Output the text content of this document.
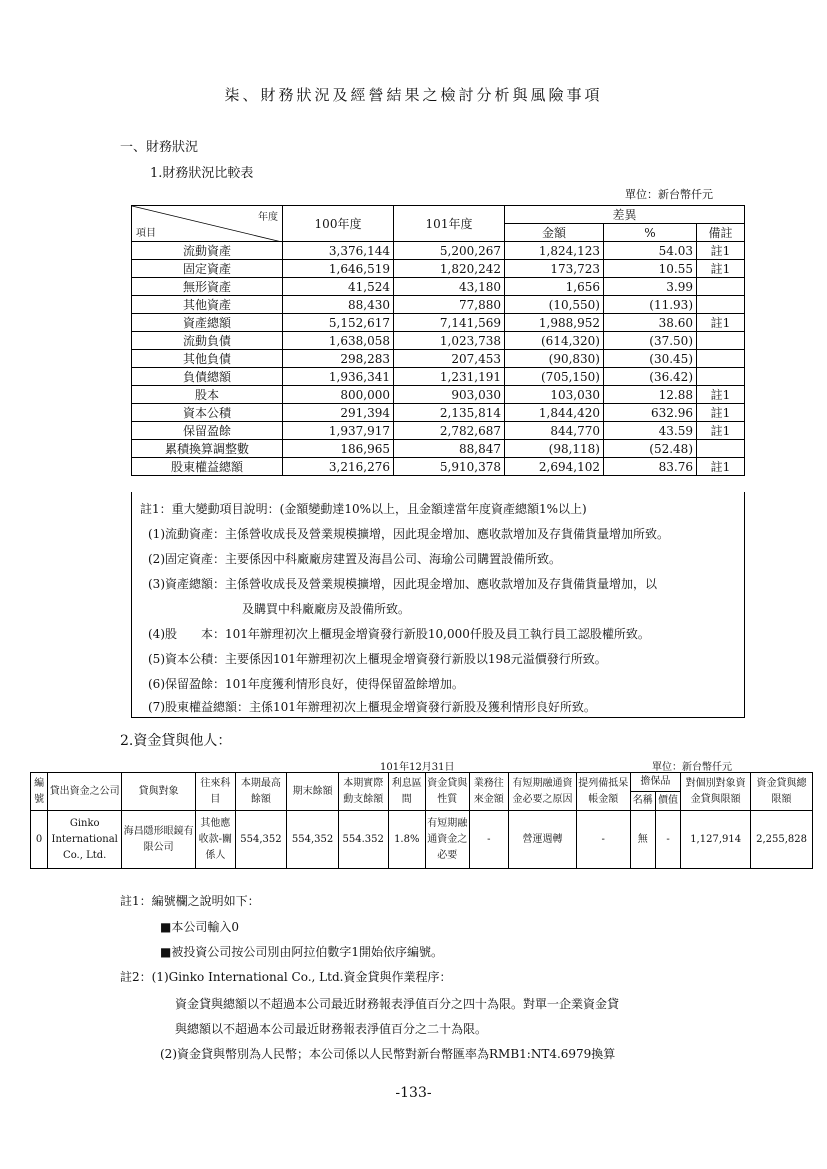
柒、財務狀況及經營結果之檢討分析與風險事項
一、財務狀況
1.財務狀況比較表
單位：新台幣仟元
年度
項目	100年度	101年度	差異		
			金額	%	備註
流動資產	3,376,144	5,200,267	1,824,123	54.03	註1
固定資產	1,646,519	1,820,242	173,723	10.55	註1
無形資產	41,524	43,180	1,656	3.99	
其他資產	88,430	77,880	(10,550)	(11.93)	
資產總額	5,152,617	7,141,569	1,988,952	38.60	註1
流動負債	1,638,058	1,023,738	(614,320)	(37.50)	
其他負債	298,283	207,453	(90,830)	(30.45)	
負債總額	1,936,341	1,231,191	(705,150)	(36.42)	
股本	800,000	903,030	103,030	12.88	註1
資本公積	291,394	2,135,814	1,844,420	632.96	註1
保留盈餘	1,937,917	2,782,687	844,770	43.59	註1
累積換算調整數	186,965	88,847	(98,118)	(52.48)	
股東權益總額	3,216,276	5,910,378	2,694,102	83.76	註1

註1：重大變動項目說明：(金額變動達10%以上，且金額達當年度資產總額1%以上)

(1)流動資產：主係營收成長及營業規模擴增，因此現金增加、應收款增加及存貨備貨量增加所致。

(2)固定資產：主要係因中科廠廠房建置及海昌公司、海瑜公司購置設備所致。

(3)資產總額：主係營收成長及營業規模擴增，因此現金增加、應收款增加及存貨備貨量增加，以

及購買中科廠廠房及設備所致。

(4)股　　本：101年辦理初次上櫃現金增資發行新股10,000仟股及員工執行員工認股權所致。

(5)資本公積：主要係因101年辦理初次上櫃現金增資發行新股以198元溢價發行所致。

(6)保留盈餘：101年度獲利情形良好，使得保留盈餘增加。

(7)股東權益總額：主係101年辦理初次上櫃現金增資發行新股及獲利情形良好所致。

2.資金貸與他人：
101年12月31日	單位：新台幣仟元
編號	貸出資金之公司	貸與對象	往來科目	本期最高餘額	期末餘額	本期實際動支餘額	利息區間	資金貸與性質	業務往來金額	有短期融通資金必要之原因	提列備抵呆帳金額	擔保品		對個別對象資金貸與限額	資金貸與總限額
												名稱	價值		
0	Ginko International Co., Ltd.	海昌隱形眼鏡有限公司	其他應收款-關係人	554,352	554,352	554.352	1.8%	有短期融通資金之必要	-	營運週轉	-	無	-	1,127,914	2,255,828
註1：編號欄之說明如下：
■本公司輸入0
■被投資公司按公司別由阿拉伯數字1開始依序編號。
註2：(1)Ginko International Co., Ltd.資金貸與作業程序：
資金貸與總額以不超過本公司最近財務報表淨值百分之四十為限。對單一企業資金貸
與總額以不超過本公司最近財務報表淨值百分之二十為限。
(2)資金貸與幣別為人民幣；本公司係以人民幣對新台幣匯率為RMB1:NT4.6979換算
-133-
